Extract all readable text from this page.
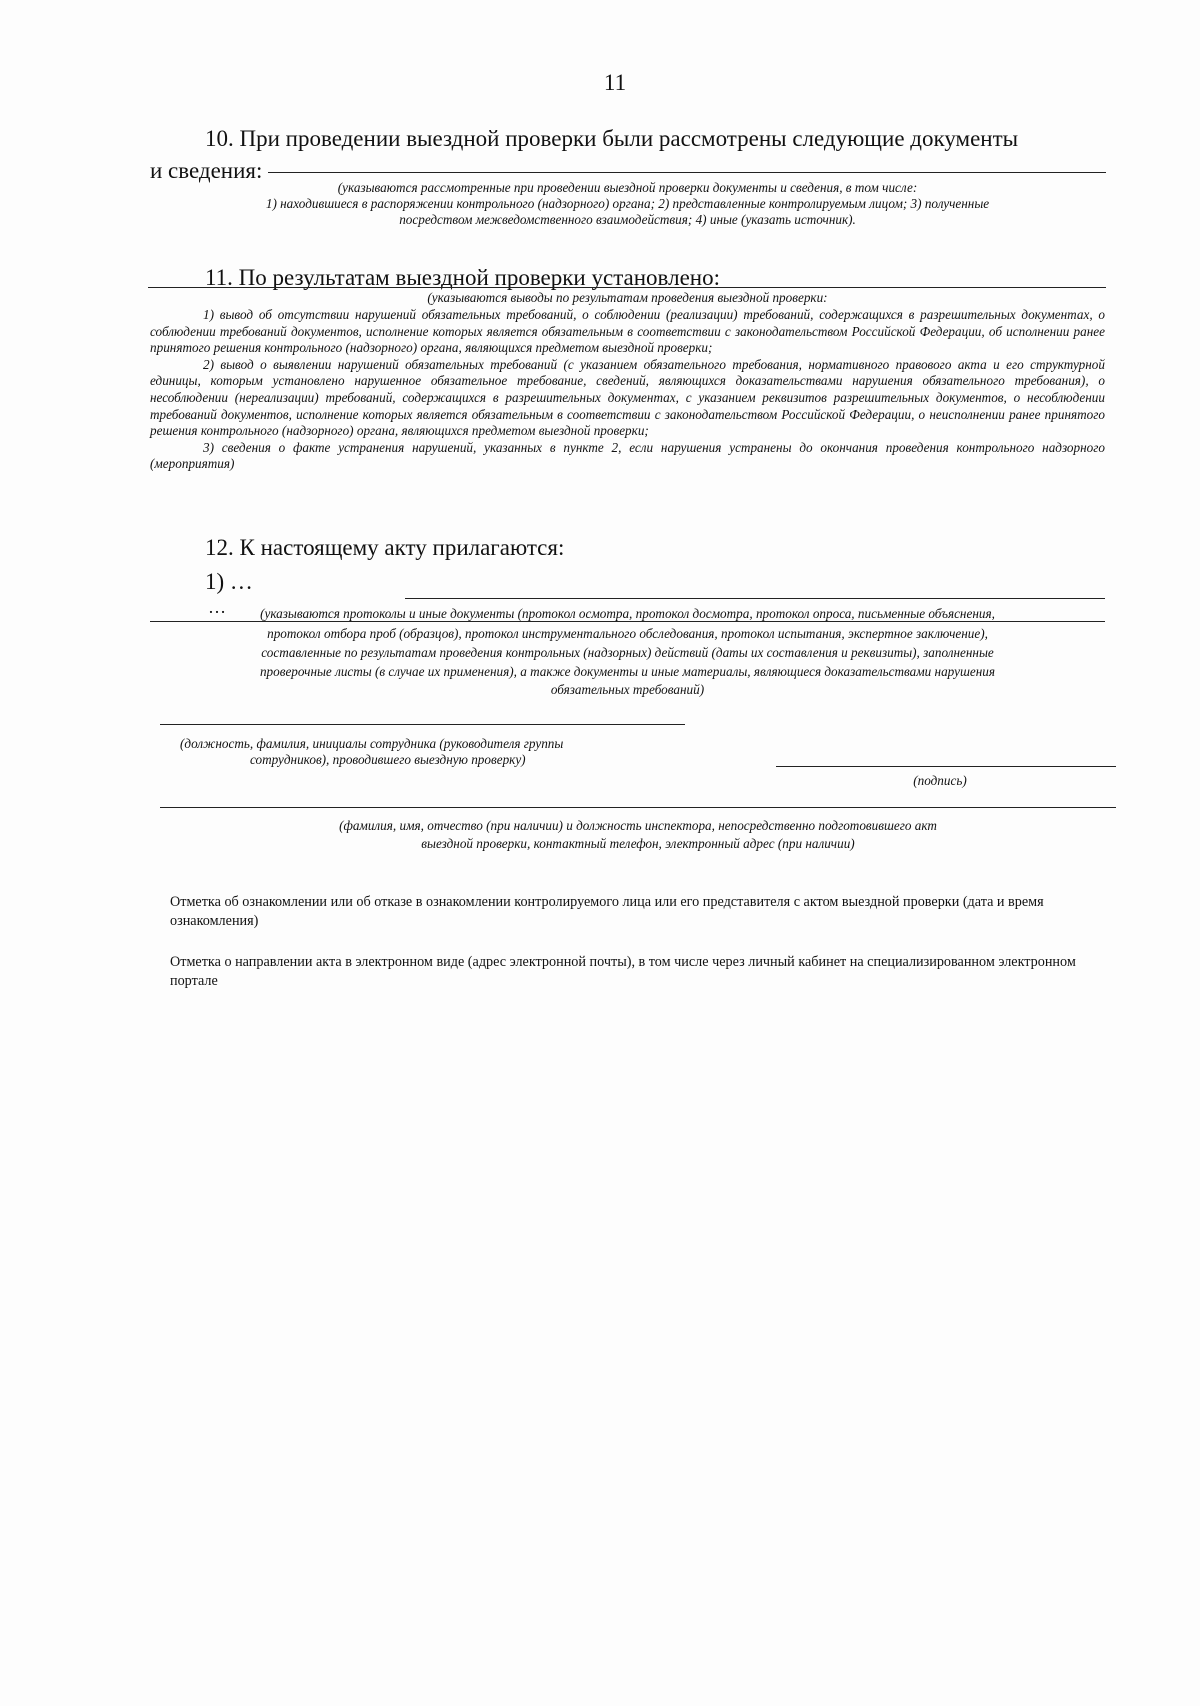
11
10. При проведении выездной проверки были рассмотрены следующие документы
и сведения:
(указываются рассмотренные при проведении выездной проверки документы и сведения, в том числе:
1) находившиеся в распоряжении контрольного (надзорного) органа; 2) представленные контролируемым лицом; 3) полученные
посредством межведомственного взаимодействия; 4) иные (указать источник).
11. По результатам выездной проверки установлено:
(указываются выводы по результатам проведения выездной проверки:

1) вывод об отсутствии нарушений обязательных требований, о соблюдении (реализации) требований, содержащихся в разрешительных документах, о соблюдении требований документов, исполнение которых является обязательным в соответствии с законодательством Российской Федерации, об исполнении ранее принятого решения контрольного (надзорного) органа, являющихся предметом выездной проверки;

2) вывод о выявлении нарушений обязательных требований (с указанием обязательного требования, нормативного правового акта и его структурной единицы, которым установлено нарушенное обязательное требование, сведений, являющихся доказательствами нарушения обязательного требования), о несоблюдении (нереализации) требований, содержащихся в разрешительных документах, с указанием реквизитов разрешительных документов, о несоблюдении требований документов, исполнение которых является обязательным в соответствии с законодательством Российской Федерации, о неисполнении ранее принятого решения контрольного (надзорного) органа, являющихся предметом выездной проверки;

3) сведения о факте устранения нарушений, указанных в пункте 2, если нарушения устранены до окончания проведения контрольного надзорного (мероприятия)

12. К настоящему акту прилагаются:
1) …
…	(указываются протоколы и иные документы (протокол осмотра, протокол досмотра, протокол опроса, письменные объяснения,
протокол отбора проб (образцов), протокол инструментального обследования, протокол испытания, экспертное заключение),
составленные по результатам проведения контрольных (надзорных) действий (даты их составления и реквизиты), заполненные
проверочные листы (в случае их применения), а также документы и иные материалы, являющиеся доказательствами нарушения
обязательных требований)
(должность, фамилия, инициалы сотрудника (руководителя группы
сотрудников), проводившего выездную проверку)
(подпись)
(фамилия, имя, отчество (при наличии) и должность инспектора, непосредственно подготовившего акт
выездной проверки, контактный телефон, электронный адрес (при наличии)
Отметка об ознакомлении или об отказе в ознакомлении контролируемого лица или его представителя с актом выездной проверки (дата и время ознакомления)
Отметка о направлении акта в электронном виде (адрес электронной почты), в том числе через личный кабинет на специализированном электронном портале
